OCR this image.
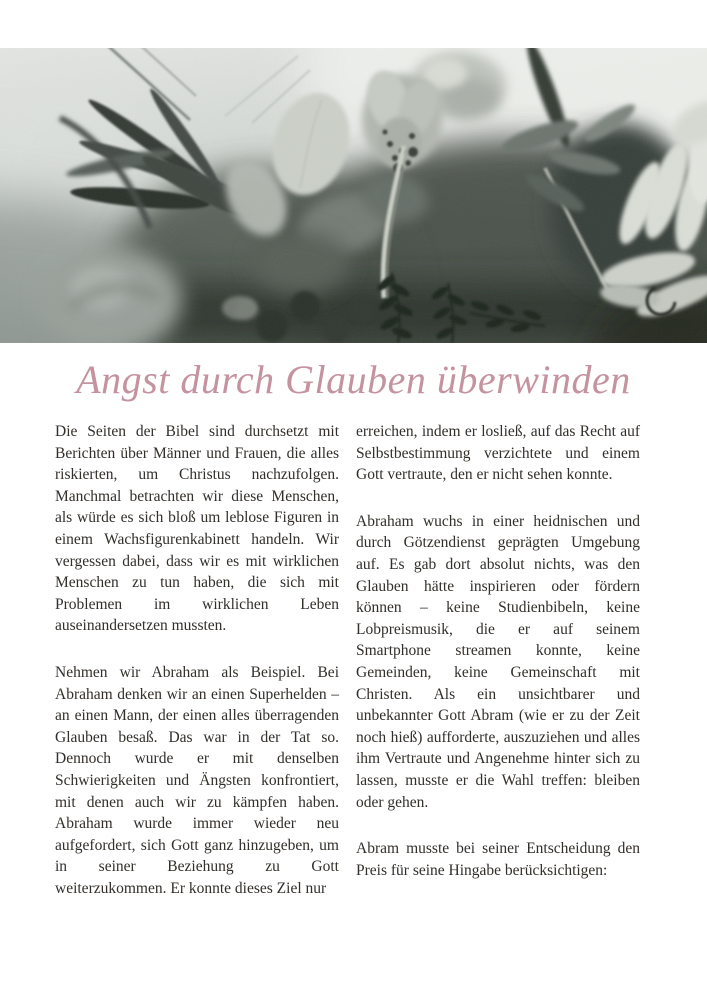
Angst durch Glauben überwinden

Die Seiten der Bibel sind durchsetzt mit Berichten über Männer und Frauen, die alles riskierten, um Christus nachzufolgen. Manchmal betrachten wir diese Menschen, als würde es sich bloß um leblose Figuren in einem Wachsfigurenkabinett handeln. Wir vergessen dabei, dass wir es mit wirklichen Menschen zu tun haben, die sich mit Problemen im wirklichen Leben auseinandersetzen mussten.

Nehmen wir Abraham als Beispiel. Bei Abraham denken wir an einen Superhelden – an einen Mann, der einen alles überragenden Glauben besaß. Das war in der Tat so. Dennoch wurde er mit denselben Schwierigkeiten und Ängsten konfrontiert, mit denen auch wir zu kämpfen haben. Abraham wurde immer wieder neu aufgefordert, sich Gott ganz hinzugeben, um in seiner Beziehung zu Gott weiterzukommen. Er konnte dieses Ziel nur

erreichen, indem er losließ, auf das Recht auf Selbstbestimmung verzichtete und einem Gott vertraute, den er nicht sehen konnte.

Abraham wuchs in einer heidnischen und durch Götzendienst geprägten Umgebung auf. Es gab dort absolut nichts, was den Glauben hätte inspirieren oder fördern können – keine Studienbibeln, keine Lobpreismusik, die er auf seinem Smartphone streamen konnte, keine Gemeinden, keine Gemeinschaft mit Christen. Als ein unsichtbarer und unbekannter Gott Abram (wie er zu der Zeit noch hieß) aufforderte, auszuziehen und alles ihm Vertraute und Angenehme hinter sich zu lassen, musste er die Wahl treffen: bleiben oder gehen.

Abram musste bei seiner Entscheidung den Preis für seine Hingabe berücksichtigen:
